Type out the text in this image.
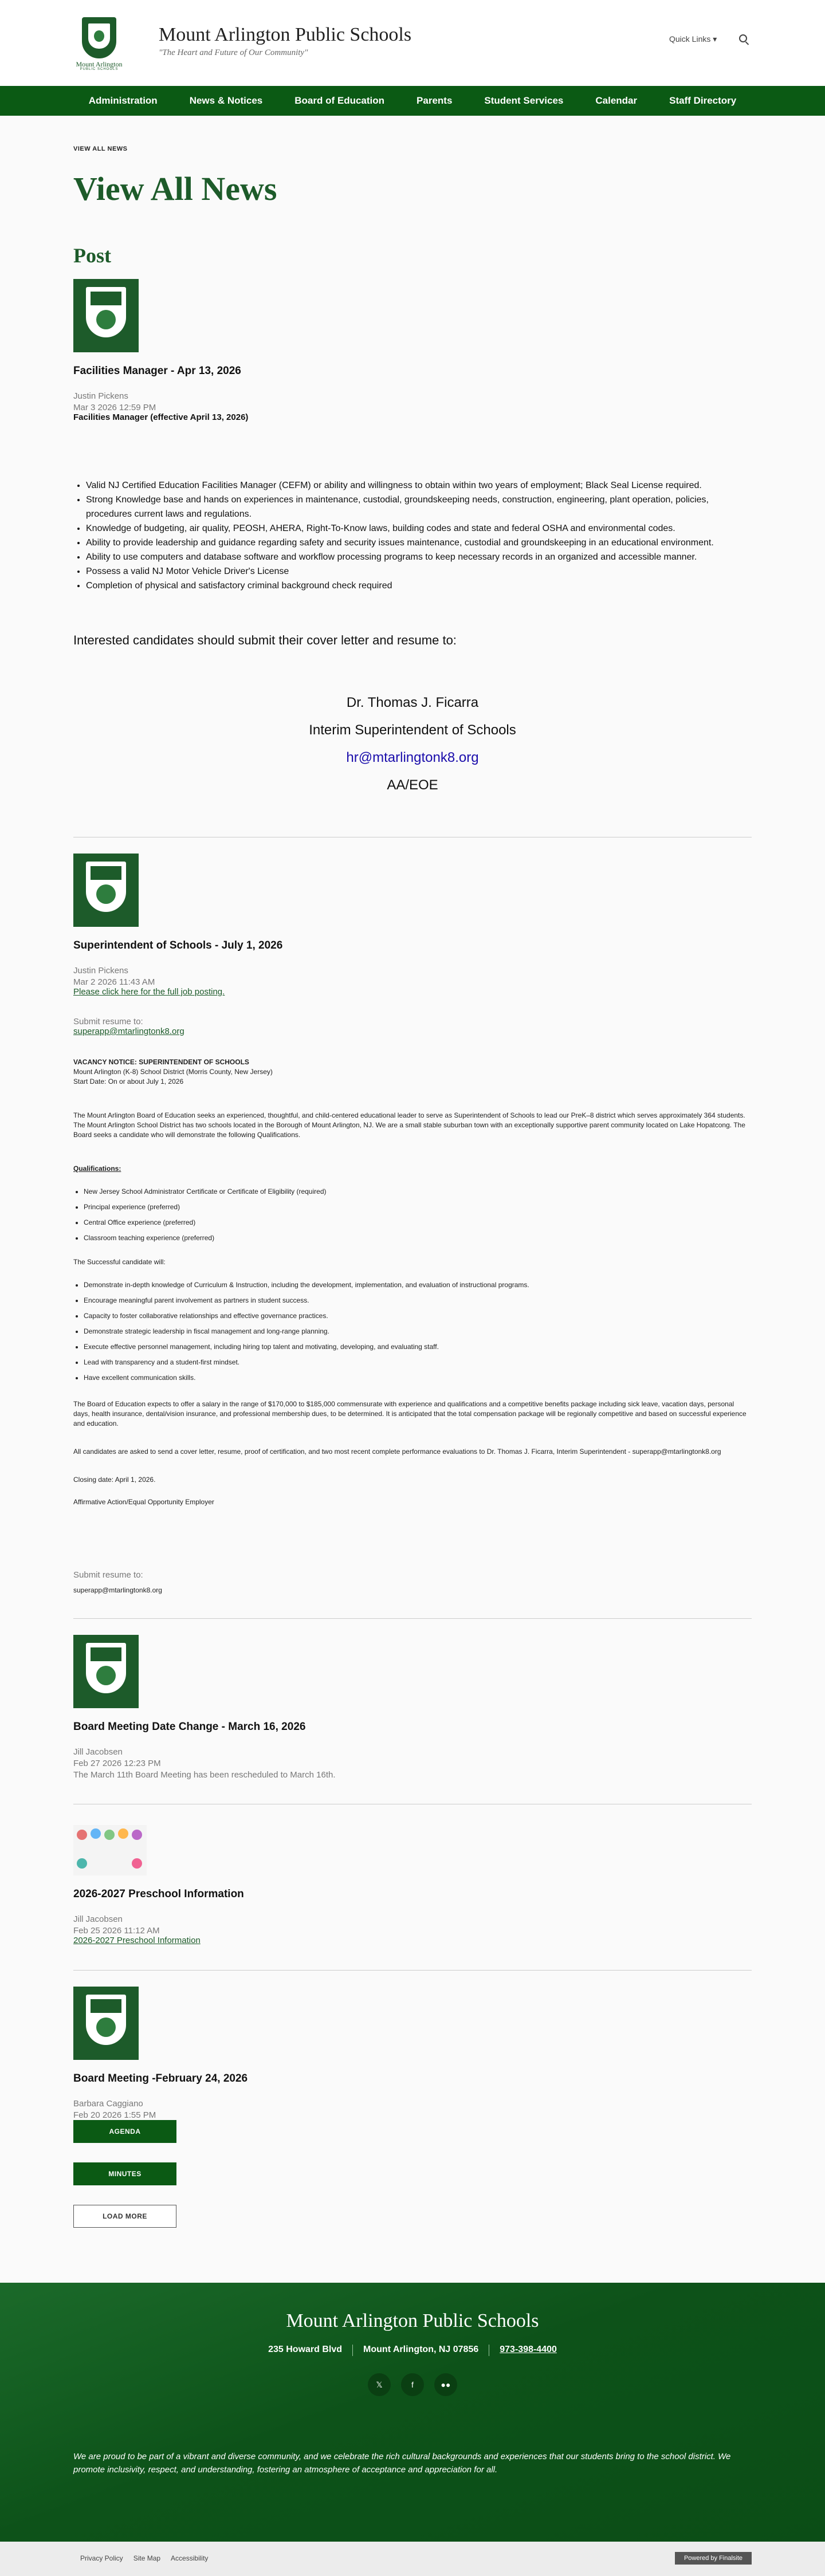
Mount Arlington
PUBLIC SCHOOLS
Mount Arlington Public Schools
"The Heart and Future of Our Community"
Quick Links ▾
Administration	News & Notices	Board of Education	Parents	Student Services	Calendar	Staff Directory
VIEW ALL NEWS
View All News
Post
Facilities Manager - Apr 13, 2026
Justin Pickens
Mar 3 2026 12:59 PM
Facilities Manager (effective April 13, 2026)
• Valid NJ Certified Education Facilities Manager (CEFM) or ability and willingness to obtain within two years of employment; Black Seal License required.
• Strong Knowledge base and hands on experiences in maintenance, custodial, groundskeeping needs, construction, engineering, plant operation, policies, procedures current laws and regulations.
• Knowledge of budgeting, air quality, PEOSH, AHERA, Right-To-Know laws, building codes and state and federal OSHA and environmental codes.
• Ability to provide leadership and guidance regarding safety and security issues maintenance, custodial and groundskeeping in an educational environment.
• Ability to use computers and database software and workflow processing programs to keep necessary records in an organized and accessible manner.
• Possess a valid NJ Motor Vehicle Driver's License
• Completion of physical and satisfactory criminal background check required
Interested candidates should submit their cover letter and resume to:
Dr. Thomas J. Ficarra
Interim Superintendent of Schools
hr@mtarlingtonk8.org
AA/EOE
Superintendent of Schools - July 1, 2026
Justin Pickens
Mar 2 2026 11:43 AM
Please click here for the full job posting.
Submit resume to:
superapp@mtarlingtonk8.org
VACANCY NOTICE: SUPERINTENDENT OF SCHOOLS
Mount Arlington (K-8) School District (Morris County, New Jersey)
Start Date: On or about July 1, 2026
The Mount Arlington Board of Education seeks an experienced, thoughtful, and child-centered educational leader to serve as Superintendent of Schools to lead our PreK–8 district which serves approximately 364 students. The Mount Arlington School District has two schools located in the Borough of Mount Arlington, NJ. We are a small stable suburban town with an exceptionally supportive parent community located on Lake Hopatcong. The Board seeks a candidate who will demonstrate the following Qualifications.
Qualifications:
• New Jersey School Administrator Certificate or Certificate of Eligibility (required)
• Principal experience (preferred)
• Central Office experience (preferred)
• Classroom teaching experience (preferred)
The Successful candidate will:
• Demonstrate in-depth knowledge of Curriculum & Instruction, including the development, implementation, and evaluation of instructional programs.
• Encourage meaningful parent involvement as partners in student success.
• Capacity to foster collaborative relationships and effective governance practices.
• Demonstrate strategic leadership in fiscal management and long-range planning.
• Execute effective personnel management, including hiring top talent and motivating, developing, and evaluating staff.
• Lead with transparency and a student-first mindset.
• Have excellent communication skills.
The Board of Education expects to offer a salary in the range of $170,000 to $185,000 commensurate with experience and qualifications and a competitive benefits package including sick leave, vacation days, personal days, health insurance, dental/vision insurance, and professional membership dues, to be determined. It is anticipated that the total compensation package will be regionally competitive and based on successful experience and education.
All candidates are asked to send a cover letter, resume, proof of certification, and two most recent complete performance evaluations to Dr. Thomas J. Ficarra, Interim Superintendent - superapp@mtarlingtonk8.org
Closing date: April 1, 2026.
Affirmative Action/Equal Opportunity Employer
Submit resume to:
superapp@mtarlingtonk8.org
Board Meeting Date Change - March 16, 2026
Jill Jacobsen
Feb 27 2026 12:23 PM
The March 11th Board Meeting has been rescheduled to March 16th.
2026-2027 Preschool Information
Jill Jacobsen
Feb 25 2026 11:12 AM
2026-2027 Preschool Information
Board Meeting -February 24, 2026
Barbara Caggiano
Feb 20 2026 1:55 PM
AGENDA
MINUTES
LOAD MORE
Mount Arlington Public Schools
235 Howard Blvd	Mount Arlington, NJ 07856	973-398-4400
𝕏	f	●●
We are proud to be part of a vibrant and diverse community, and we celebrate the rich cultural backgrounds and experiences that our students bring to the school district. We promote inclusivity, respect, and understanding, fostering an atmosphere of acceptance and appreciation for all.
Privacy Policy Site Map Accessibility	Powered by Finalsite
